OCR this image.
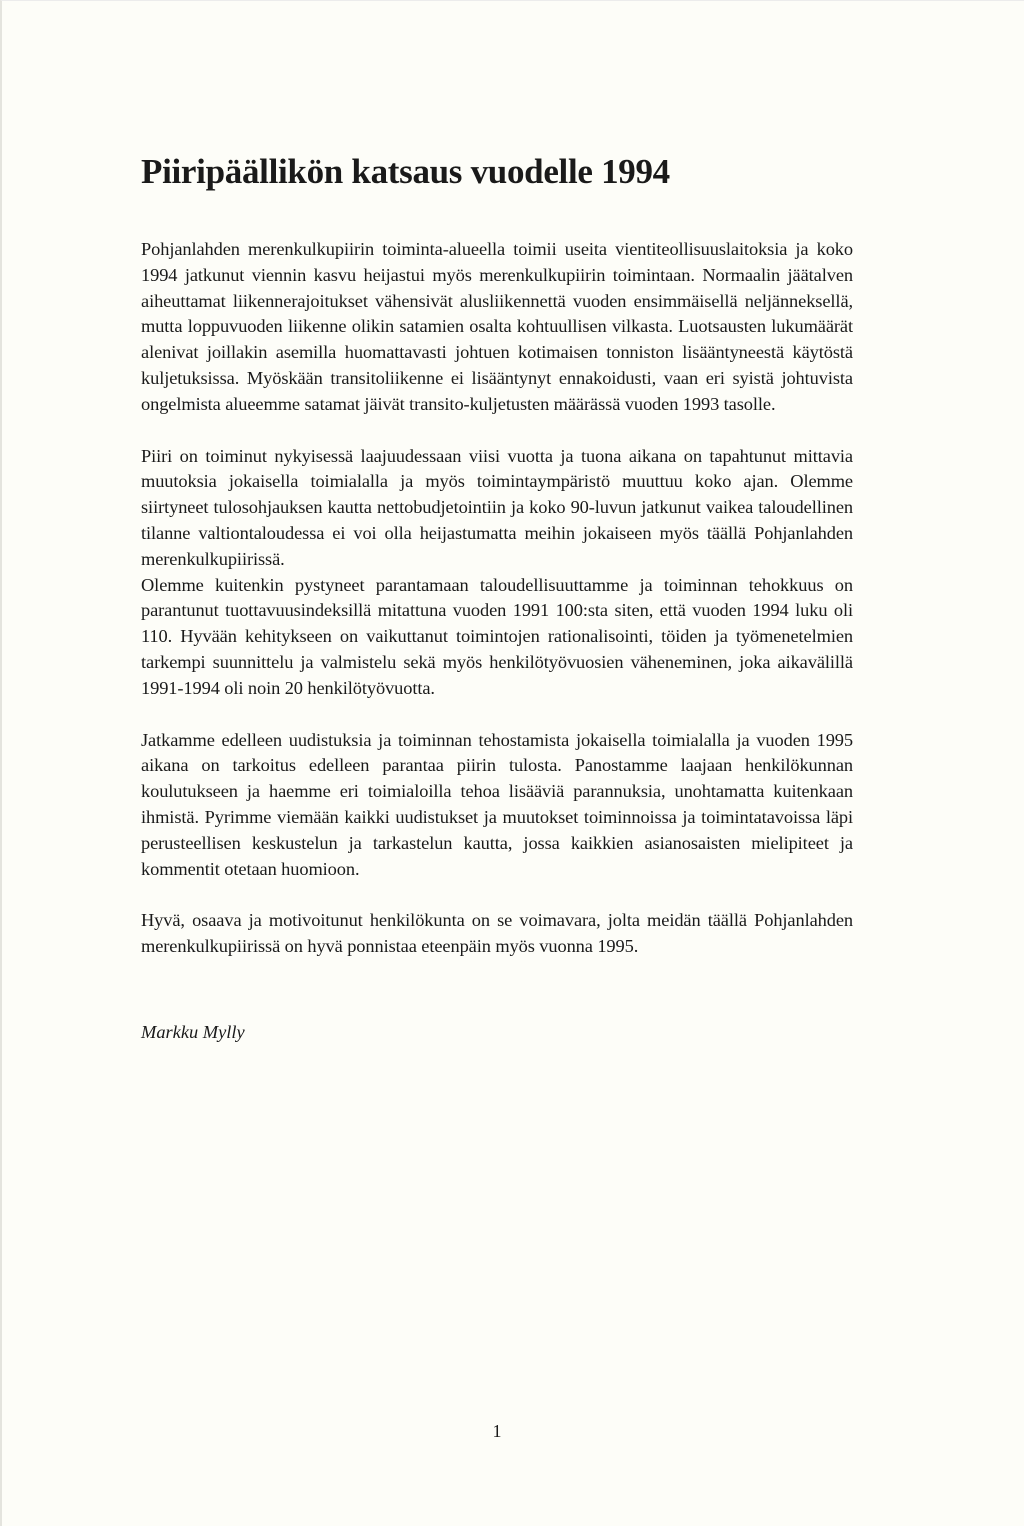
Piiripäällikön katsaus vuodelle 1994

Pohjanlahden merenkulkupiirin toiminta-alueella toimii useita vientiteollisuuslaitoksia ja koko 1994 jatkunut viennin kasvu heijastui myös merenkulkupiirin toimintaan. Normaalin jäätalven aiheuttamat liikennerajoitukset vähensivät alusliikennettä vuoden ensimmäisellä neljänneksellä, mutta loppuvuoden liikenne olikin satamien osalta kohtuullisen vilkasta. Luotsausten lukumäärät alenivat joillakin asemilla huomattavasti johtuen kotimaisen tonniston lisääntyneestä käytöstä kuljetuksissa. Myöskään transitoliikenne ei lisääntynyt ennakoidusti, vaan eri syistä johtuvista ongelmista alueemme satamat jäivät transito-kuljetusten määrässä vuoden 1993 tasolle.

Piiri on toiminut nykyisessä laajuudessaan viisi vuotta ja tuona aikana on tapahtunut mittavia muutoksia jokaisella toimialalla ja myös toimintaympäristö muuttuu koko ajan. Olemme siirtyneet tulosohjauksen kautta nettobudjetointiin ja koko 90-luvun jatkunut vaikea taloudellinen tilanne valtiontaloudessa ei voi olla heijastumatta meihin jokaiseen myös täällä Pohjanlahden merenkulkupiirissä.

Olemme kuitenkin pystyneet parantamaan taloudellisuuttamme ja toiminnan tehokkuus on parantunut tuottavuusindeksillä mitattuna vuoden 1991 100:sta siten, että vuoden 1994 luku oli 110. Hyvään kehitykseen on vaikuttanut toimintojen rationalisointi, töiden ja työmenetelmien tarkempi suunnittelu ja valmistelu sekä myös henkilötyövuosien väheneminen, joka aikavälillä 1991-1994 oli noin 20 henkilötyövuotta.

Jatkamme edelleen uudistuksia ja toiminnan tehostamista jokaisella toimialalla ja vuoden 1995 aikana on tarkoitus edelleen parantaa piirin tulosta. Panostamme laajaan henkilökunnan koulutukseen ja haemme eri toimialoilla tehoa lisääviä parannuksia, unohtamatta kuitenkaan ihmistä. Pyrimme viemään kaikki uudistukset ja muutokset toiminnoissa ja toimintatavoissa läpi perusteellisen keskustelun ja tarkastelun kautta, jossa kaikkien asianosaisten mielipiteet ja kommentit otetaan huomioon.

Hyvä, osaava ja motivoitunut henkilökunta on se voimavara, jolta meidän täällä Pohjanlahden merenkulkupiirissä on hyvä ponnistaa eteenpäin myös vuonna 1995.

Markku Mylly

1
